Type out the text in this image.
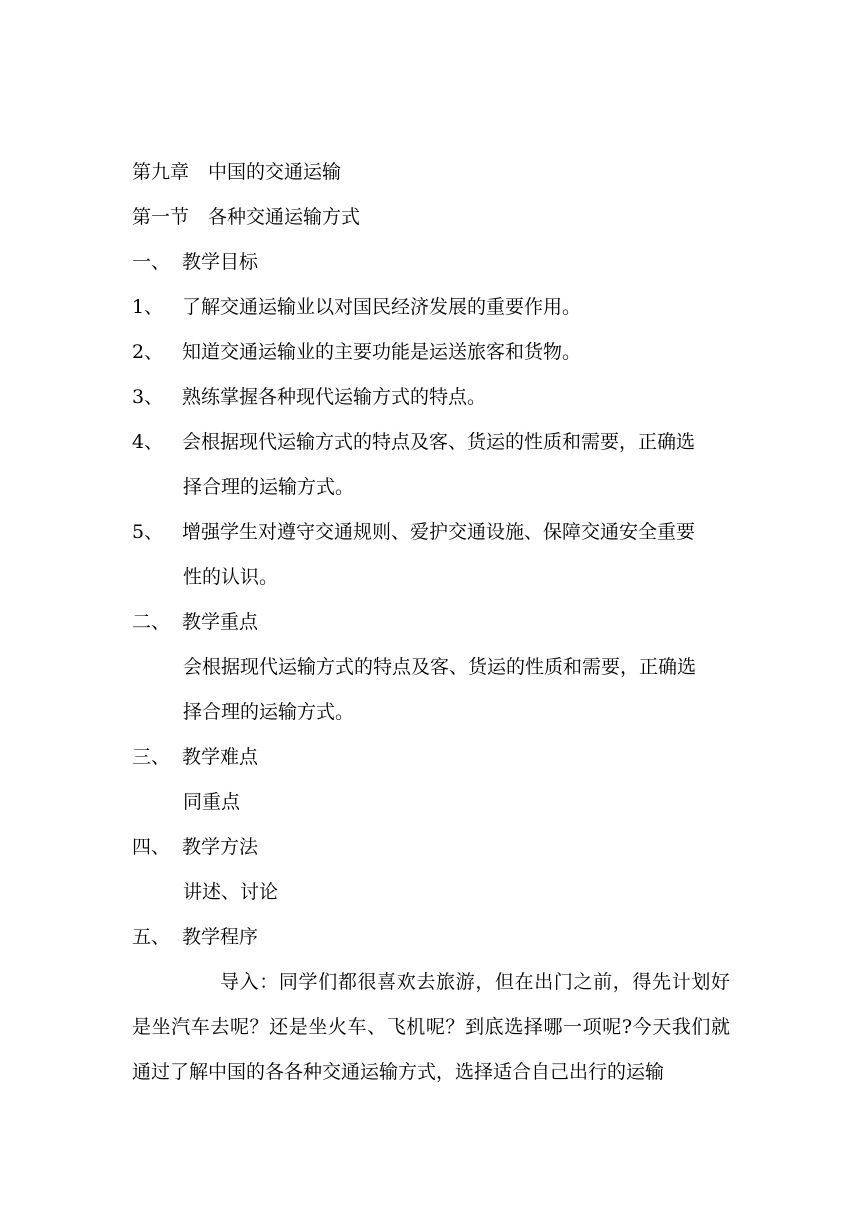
第九章　中国的交通运输
第一节　各种交通运输方式
一、 教学目标
1、 了解交通运输业以对国民经济发展的重要作用。
2、 知道交通运输业的主要功能是运送旅客和货物。
3、 熟练掌握各种现代运输方式的特点。
4、 会根据现代运输方式的特点及客、货运的性质和需要，正确选
择合理的运输方式。
5、 增强学生对遵守交通规则、爱护交通设施、保障交通安全重要
性的认识。
二、 教学重点
会根据现代运输方式的特点及客、货运的性质和需要，正确选
择合理的运输方式。
三、 教学难点
同重点
四、 教学方法
讲述、讨论
五、 教学程序
导入：同学们都很喜欢去旅游，但在出门之前，得先计划好是坐汽车去呢？还是坐火车、飞机呢？到底选择哪一项呢?今天我们就通过了解中国的各各种交通运输方式，选择适合自己出行的运输
